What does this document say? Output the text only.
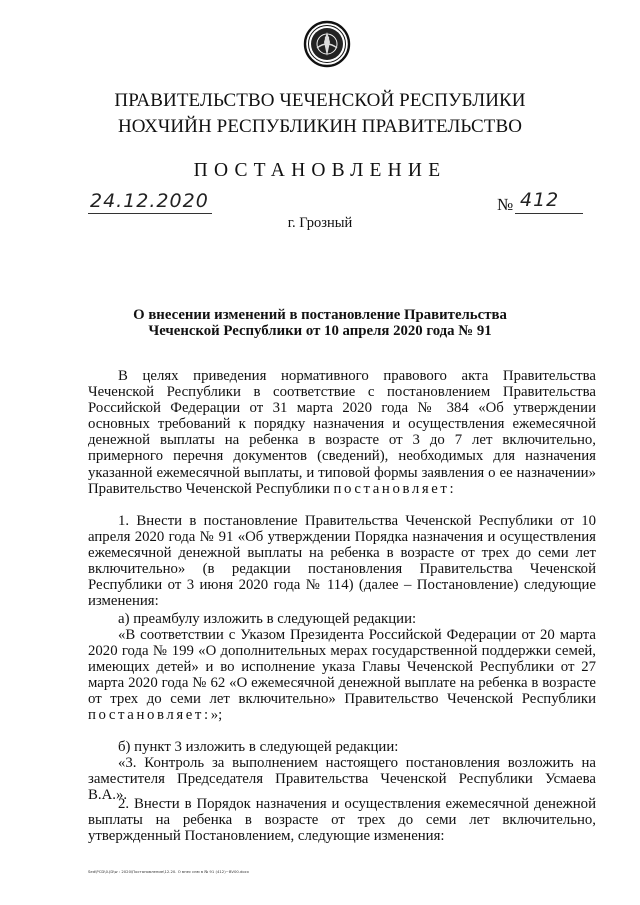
ПРАВИТЕЛЬСТВО ЧЕЧЕНСКОЙ РЕСПУБЛИКИ
НОХЧИЙН РЕСПУБЛИКИН ПРАВИТЕЛЬСТВО
ПОСТАНОВЛЕНИЕ
24.12.2020	№ 412
г. Грозный
О внесении изменений в постановление Правительства
Чеченской Республики от 10 апреля 2020 года № 91
В целях приведения нормативного правового акта Правительства Чеченской Республики в соответствие с постановлением Правительства Российской Федерации от 31 марта 2020 года № 384 «Об утверждении основных требований к порядку назначения и осуществления ежемесячной денежной выплаты на ребенка в возрасте от 3 до 7 лет включительно, примерного перечня документов (сведений), необходимых для назначения указанной ежемесячной выплаты, и типовой формы заявления о ее назначении» Правительство Чеченской Республики постановляет:
1. Внести в постановление Правительства Чеченской Республики от 10 апреля 2020 года № 91 «Об утверждении Порядка назначения и осуществления ежемесячной денежной выплаты на ребенка в возрасте от трех до семи лет включительно» (в редакции постановления Правительства Чеченской Республики от 3 июня 2020 года № 114) (далее – Постановление) следующие изменения:
а) преамбулу изложить в следующей редакции:
«В соответствии с Указом Президента Российской Федерации от 20 марта 2020 года № 199 «О дополнительных мерах государственной поддержки семей, имеющих детей» и во исполнение указа Главы Чеченской Республики от 27 марта 2020 года № 62 «О ежемесячной денежной выплате на ребенка в возрасте от трех до семи лет включительно» Правительство Чеченской Республики постановляет:»;
б) пункт 3 изложить в следующей редакции:
«3. Контроль за выполнением настоящего постановления возложить на заместителя Председателя Правительства Чеченской Республики Усмаева В.А.».
2. Внести в Порядок назначения и осуществления ежемесячной денежной выплаты на ребенка в возрасте от трех до семи лет включительно, утвержденный Постановлением, следующие изменения:
Sed\PCD\0.JD\w : 2020\Постановление\12.20. О внес изм в № 91 (412)~BV00.docx
